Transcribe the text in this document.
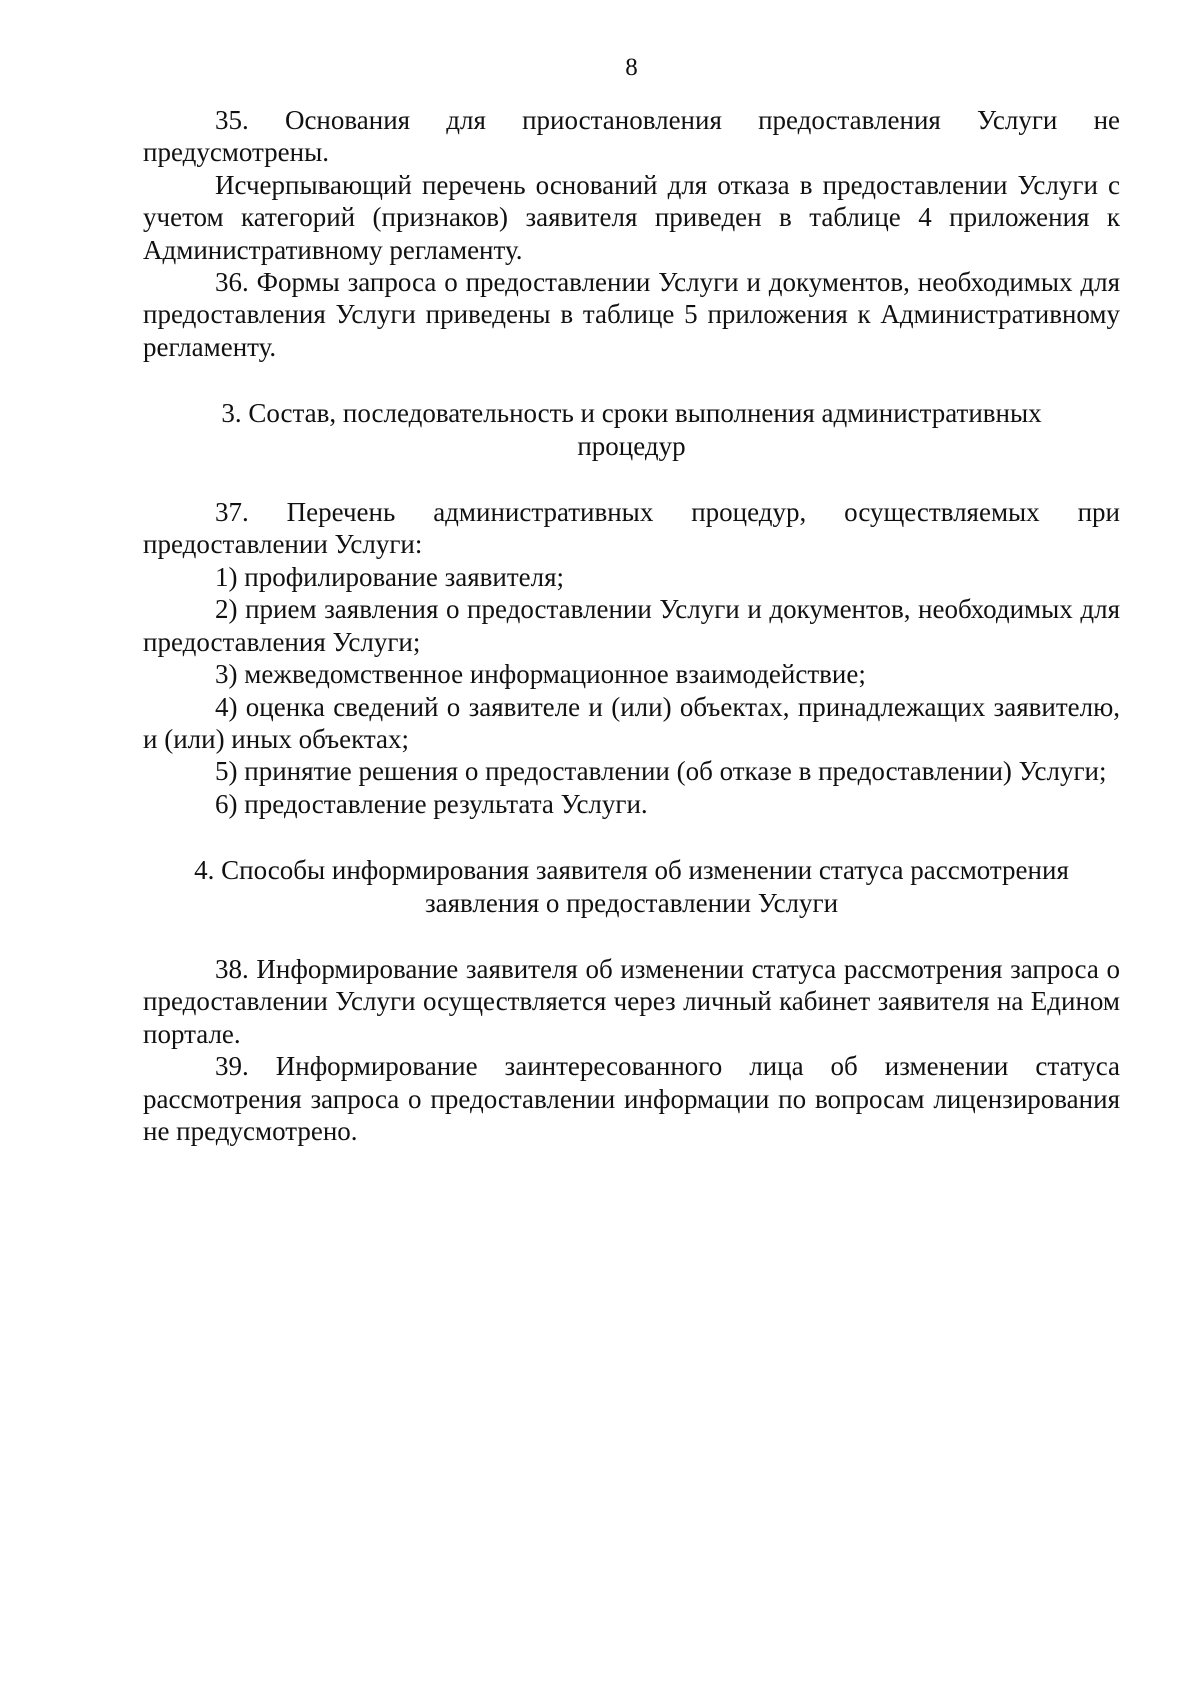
8

35. Основания для приостановления предоставления Услуги не предусмотрены.

Исчерпывающий перечень оснований для отказа в предоставлении Услуги с учетом категорий (признаков) заявителя приведен в таблице 4 приложения к Административному регламенту.

36. Формы запроса о предоставлении Услуги и документов, необходимых для предоставления Услуги приведены в таблице 5 приложения к Административному регламенту.

3. Состав, последовательность и сроки выполнения административных
процедур

37. Перечень административных процедур, осуществляемых при предоставлении Услуги:

1) профилирование заявителя;

2) прием заявления о предоставлении Услуги и документов, необходимых для предоставления Услуги;

3) межведомственное информационное взаимодействие;

4) оценка сведений о заявителе и (или) объектах, принадлежащих заявителю, и (или) иных объектах;

5) принятие решения о предоставлении (об отказе в предоставлении) Услуги;

6) предоставление результата Услуги.

4. Способы информирования заявителя об изменении статуса рассмотрения
заявления о предоставлении Услуги

38. Информирование заявителя об изменении статуса рассмотрения запроса о предоставлении Услуги осуществляется через личный кабинет заявителя на Едином портале.

39. Информирование заинтересованного лица об изменении статуса рассмотрения запроса о предоставлении информации по вопросам лицензирования не предусмотрено.
